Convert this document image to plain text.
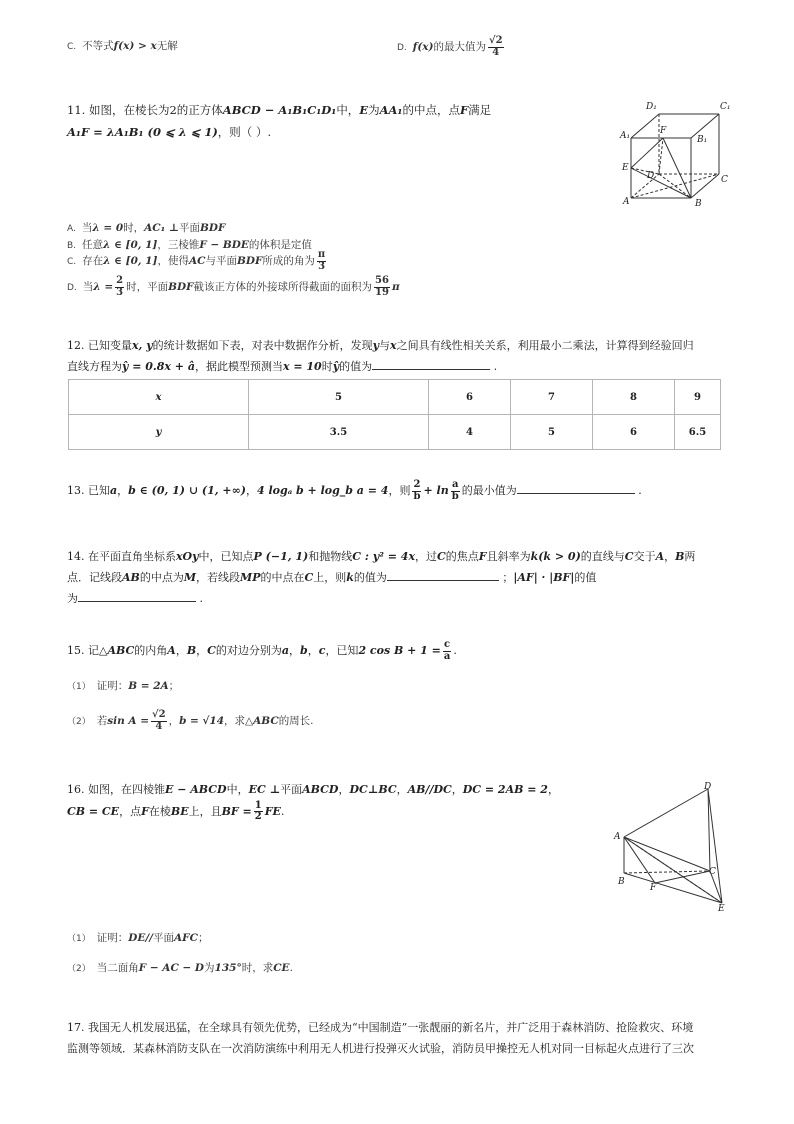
C. 不等式f(x) > x无解	D. f(x)的最大值为 $\frac{√2}{4}$
11. 如图，在棱长为2的正方体ABCD − A₁B₁C₁D₁中，E为AA₁的中点，点F满足
A₁F = λA₁B₁ (0 ⩽ λ ⩽ 1)，则（ ）.
D₁	C₁
A₁	B₁
F
E
D	C
A	B
A. 当λ = 0时，AC₁ ⊥平面BDF
B. 任意λ ∈ [0, 1]，三棱锥F − BDE的体积是定值
C. 存在λ ∈ [0, 1]，使得AC与平面BDF所成的角为 $\frac{\pi}{3}$
D. 当$\lambda = \frac{2}{3}$ 时，平面BDF截该正方体的外接球所得截面的面积为 $\frac{56}{19}$ π
12. 已知变量x, y的统计数据如下表，对表中数据作分析，发现y与x之间具有线性相关关系，利用最小二乘法，计算得到经验回归
直线方程为ŷ = 0.8x + â，据此模型预测当x = 10时ŷ的值为	.
x	5	6	7	8	9
y	3.5	4	5	6	6.5
13. 已知a，b ∈ (0, 1) ∪ (1, +∞)，4 logₐ b + log_b a = 4，则 $\frac{2}{b} + \ln \frac{a}{b}$ 的最小值为	.
14. 在平面直角坐标系xOy中，已知点P (−1, 1)和抛物线C : y² = 4x，过C的焦点F且斜率为k(k > 0)的直线与C交于A，B两
点．记线段AB的中点为M，若线段MP的中点在C上，则k的值为	；|AF| · |BF|的值
为	.
15. 记△ABC的内角A，B，C的对边分别为a，b，c，已知2 $\cos B + 1 = \frac{c}{a}$ .
（1） 证明：B = 2A；
（2） 若$\sin A = \frac{√2}{4}$ ，b = √14，求△ABC的周长.
16. 如图，在四棱锥E − ABCD中，EC ⊥平面ABCD，DC⊥BC，AB//DC，DC = 2AB = 2，
CB = CE，点F在棱BE上，且BF = $\frac{1}{2}$ FE.
D
A
C
B
F
E
（1） 证明：DE//平面AFC；
（2） 当二面角F − AC − D为135°时，求CE.
17. 我国无人机发展迅猛，在全球具有领先优势，已经成为“中国制造”一张靓丽的新名片，并广泛用于森林消防、抢险救灾、环境
监测等领域．某森林消防支队在一次消防演练中利用无人机进行投弹灭火试验，消防员甲操控无人机对同一目标起火点进行了三次
